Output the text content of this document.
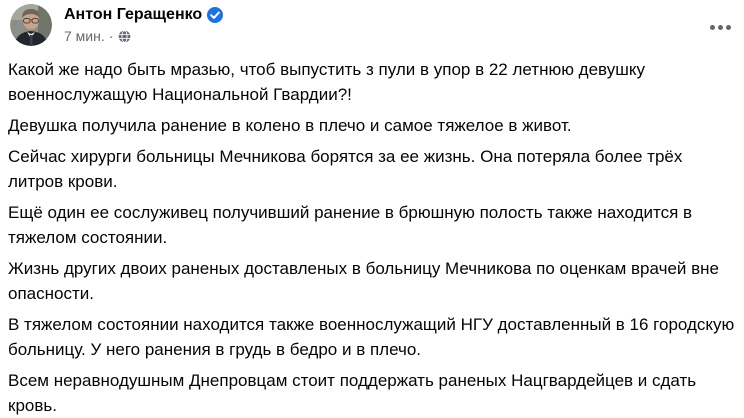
Антон Геращенко
7 мин. ·

Какой же надо быть мразью, чтоб выпустить з пули в упор в 22 летнюю девушку военнослужащую Национальной Гвардии?!

Девушка получила ранение в колено в плечо и самое тяжелое в живот.

Сейчас хирурги больницы Мечникова борятся за ее жизнь. Она потеряла более трёх литров крови.

Ещё один ее сослуживец получивший ранение в брюшную полость также находится в тяжелом состоянии.

Жизнь других двоих раненых доставленых в больницу Мечникова по оценкам врачей вне опасности.

В тяжелом состоянии находится также военнослужащий НГУ доставленный в 16 городскую больницу. У него ранения в грудь в бедро и в плечо.

Всем неравнодушным Днепровцам стоит поддержать раненых Нацгвардейцев и сдать кровь.
